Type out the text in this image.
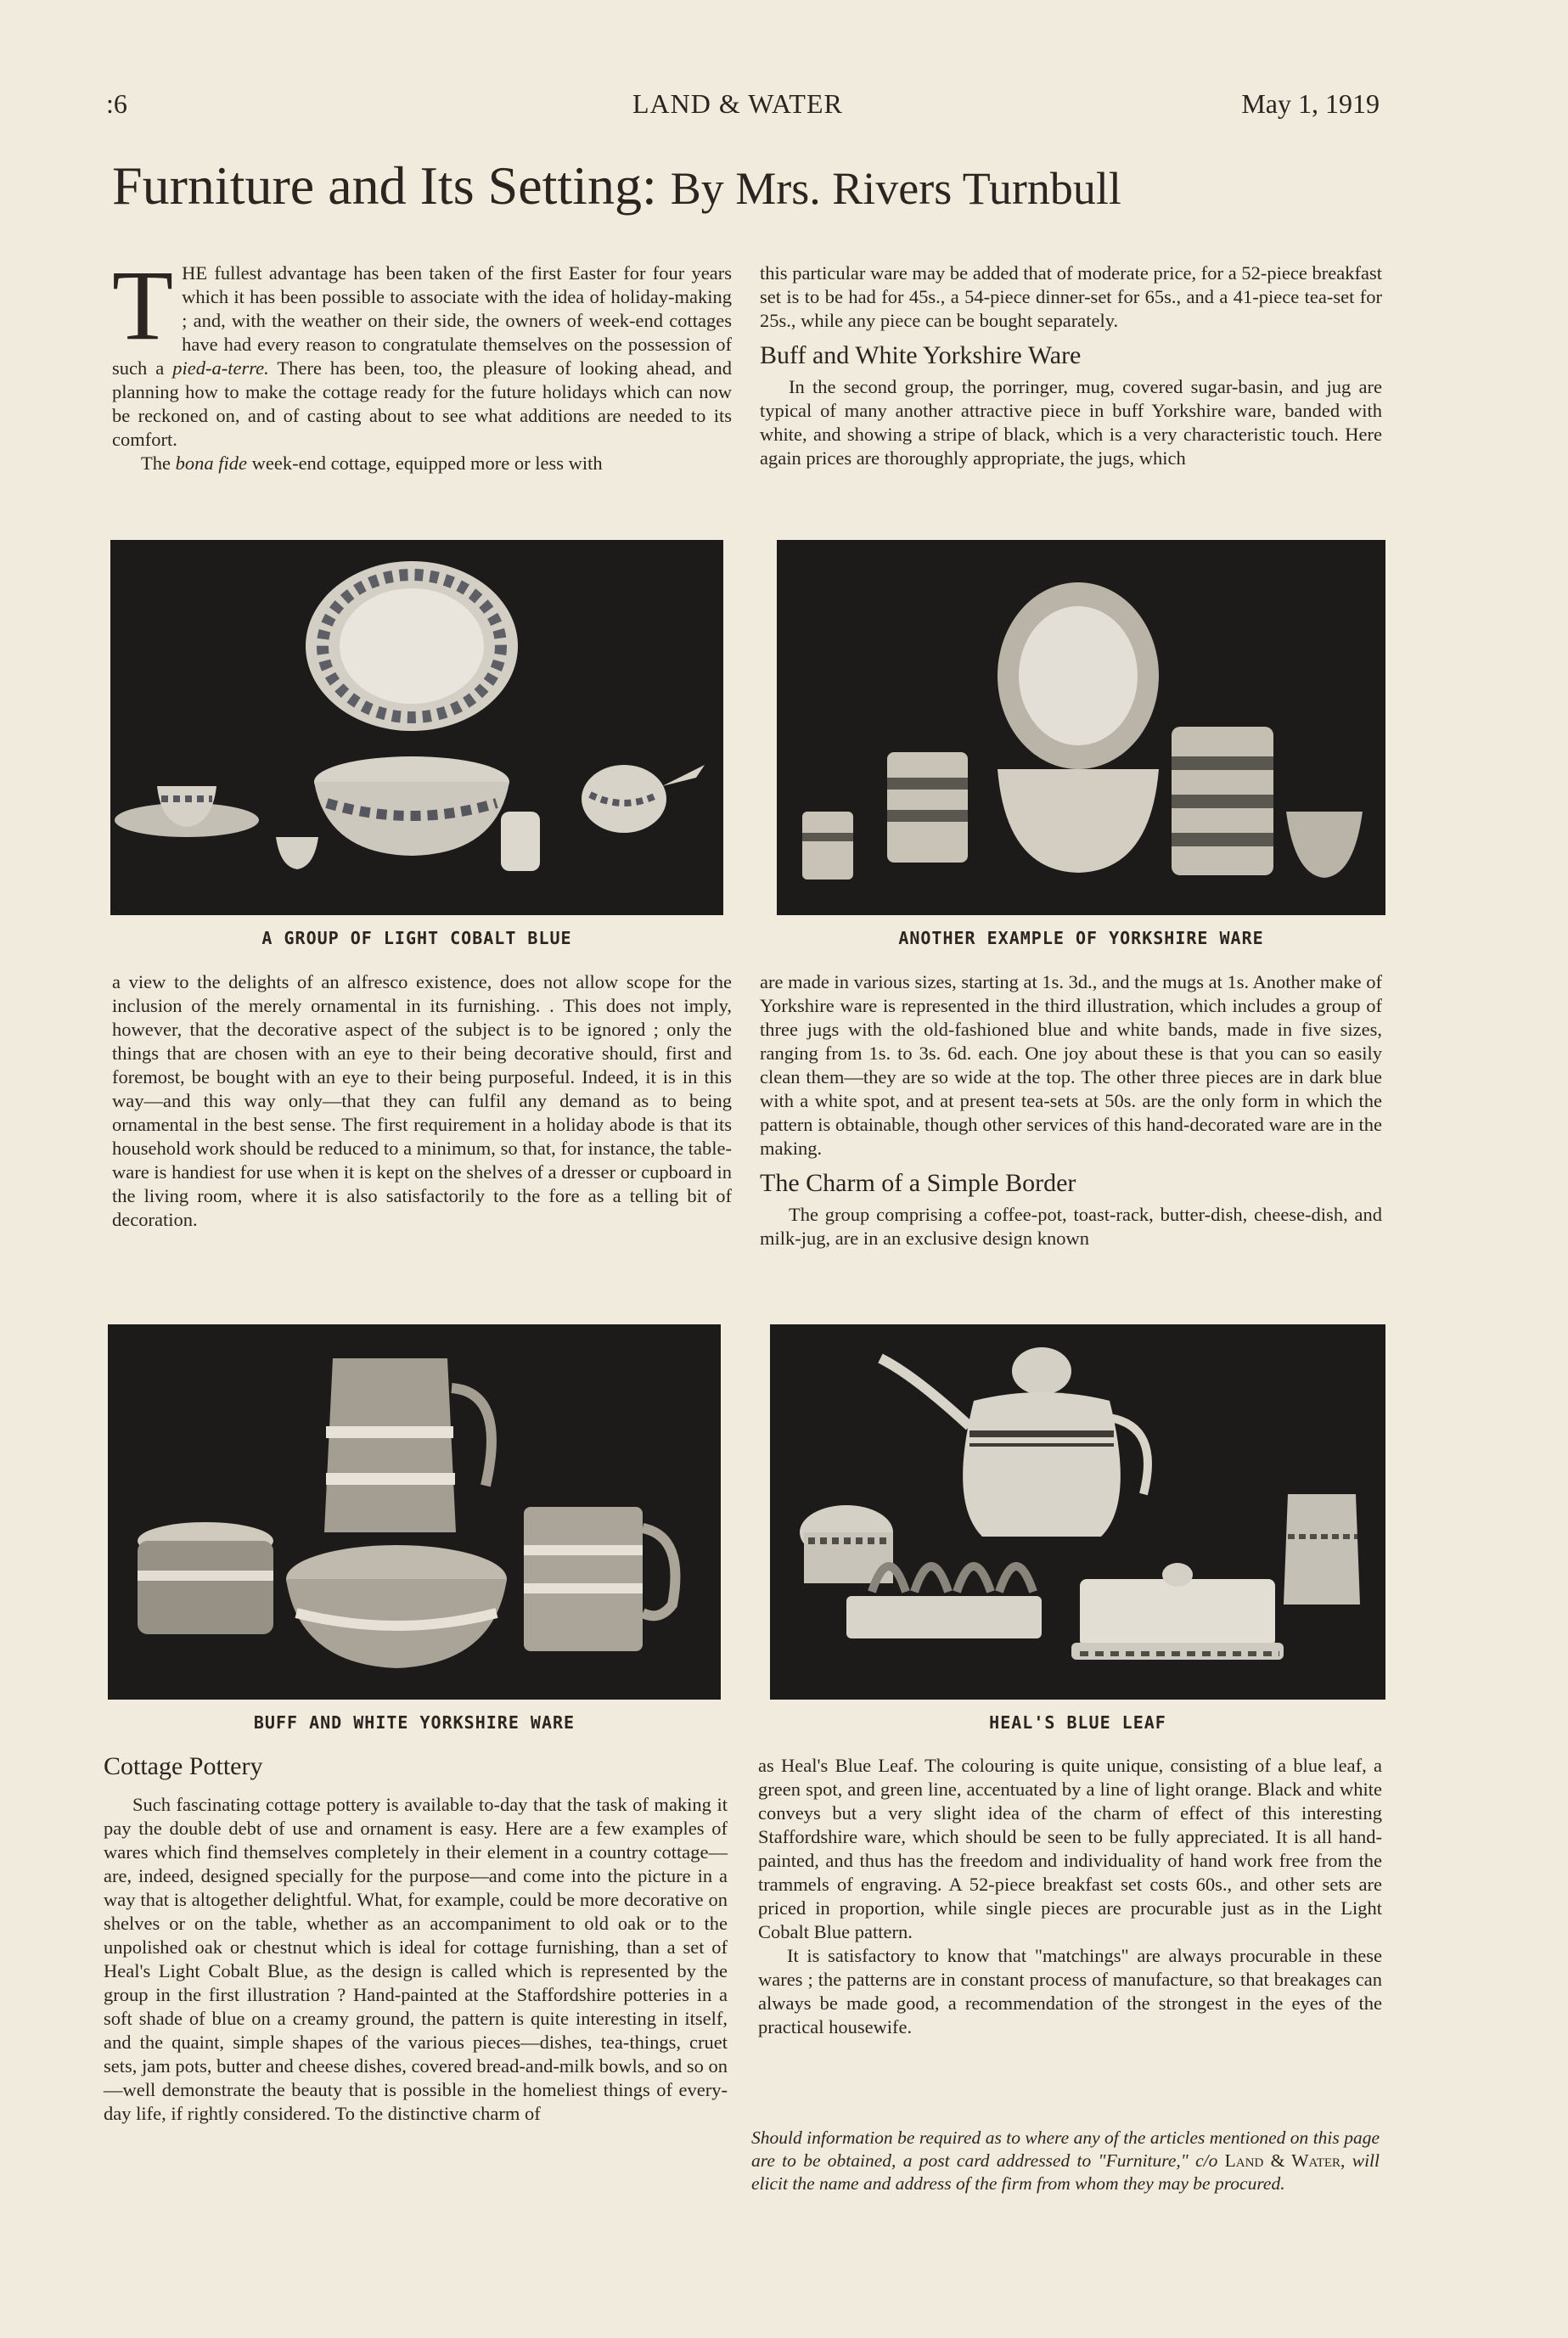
:6	LAND & WATER	May 1, 1919
Furniture and Its Setting: By Mrs. Rivers Turnbull

THE fullest advantage has been taken of the first Easter for four years which it has been possible to associate with the idea of holiday-making ; and, with the weather on their side, the owners of week-end cottages have had every reason to congratulate themselves on the possession of such a pied-a-terre. There has been, too, the pleasure of looking ahead, and planning how to make the cottage ready for the future holidays which can now be reckoned on, and of casting about to see what additions are needed to its comfort.

The bona fide week-end cottage, equipped more or less with

this particular ware may be added that of moderate price, for a 52-piece breakfast set is to be had for 45s., a 54-piece dinner-set for 65s., and a 41-piece tea-set for 25s., while any piece can be bought separately.

Buff and White Yorkshire Ware

In the second group, the porringer, mug, covered sugar-basin, and jug are typical of many another attractive piece in buff Yorkshire ware, banded with white, and showing a stripe of black, which is a very characteristic touch. Here again prices are thoroughly appropriate, the jugs, which

A GROUP OF LIGHT COBALT BLUE	ANOTHER EXAMPLE OF YORKSHIRE WARE

a view to the delights of an alfresco existence, does not allow scope for the inclusion of the merely ornamental in its furnishing. . This does not imply, however, that the decorative aspect of the subject is to be ignored ; only the things that are chosen with an eye to their being decorative should, first and foremost, be bought with an eye to their being purposeful. Indeed, it is in this way—and this way only—that they can fulfil any demand as to being ornamental in the best sense. The first requirement in a holiday abode is that its household work should be reduced to a minimum, so that, for instance, the table-ware is handiest for use when it is kept on the shelves of a dresser or cupboard in the living room, where it is also satisfactorily to the fore as a telling bit of decoration.

are made in various sizes, starting at 1s. 3d., and the mugs at 1s. Another make of Yorkshire ware is represented in the third illustration, which includes a group of three jugs with the old-fashioned blue and white bands, made in five sizes, ranging from 1s. to 3s. 6d. each. One joy about these is that you can so easily clean them—they are so wide at the top. The other three pieces are in dark blue with a white spot, and at present tea-sets at 50s. are the only form in which the pattern is obtainable, though other services of this hand-decorated ware are in the making.

The Charm of a Simple Border

The group comprising a coffee-pot, toast-rack, butter-dish, cheese-dish, and milk-jug, are in an exclusive design known

BUFF AND WHITE YORKSHIRE WARE	HEAL'S BLUE LEAF
Cottage Pottery

Such fascinating cottage pottery is available to-day that the task of making it pay the double debt of use and ornament is easy. Here are a few examples of wares which find themselves completely in their element in a country cottage—are, indeed, designed specially for the purpose—and come into the picture in a way that is altogether delightful. What, for example, could be more decorative on shelves or on the table, whether as an accompaniment to old oak or to the unpolished oak or chestnut which is ideal for cottage furnishing, than a set of Heal's Light Cobalt Blue, as the design is called which is represented by the group in the first illustration ? Hand-painted at the Staffordshire potteries in a soft shade of blue on a creamy ground, the pattern is quite interesting in itself, and the quaint, simple shapes of the various pieces—dishes, tea-things, cruet sets, jam pots, butter and cheese dishes, covered bread-and-milk bowls, and so on—well demonstrate the beauty that is possible in the homeliest things of every-day life, if rightly considered. To the distinctive charm of

as Heal's Blue Leaf. The colouring is quite unique, consisting of a blue leaf, a green spot, and green line, accentuated by a line of light orange. Black and white conveys but a very slight idea of the charm of effect of this interesting Staffordshire ware, which should be seen to be fully appreciated. It is all hand-painted, and thus has the freedom and individuality of hand work free from the trammels of engraving. A 52-piece breakfast set costs 60s., and other sets are priced in proportion, while single pieces are procurable just as in the Light Cobalt Blue pattern.

It is satisfactory to know that "matchings" are always procurable in these wares ; the patterns are in constant process of manufacture, so that breakages can always be made good, a recommendation of the strongest in the eyes of the practical housewife.

Should information be required as to where any of the articles mentioned on this page are to be obtained, a post card addressed to "Furniture," c/o Land & Water, will elicit the name and address of the firm from whom they may be procured.
